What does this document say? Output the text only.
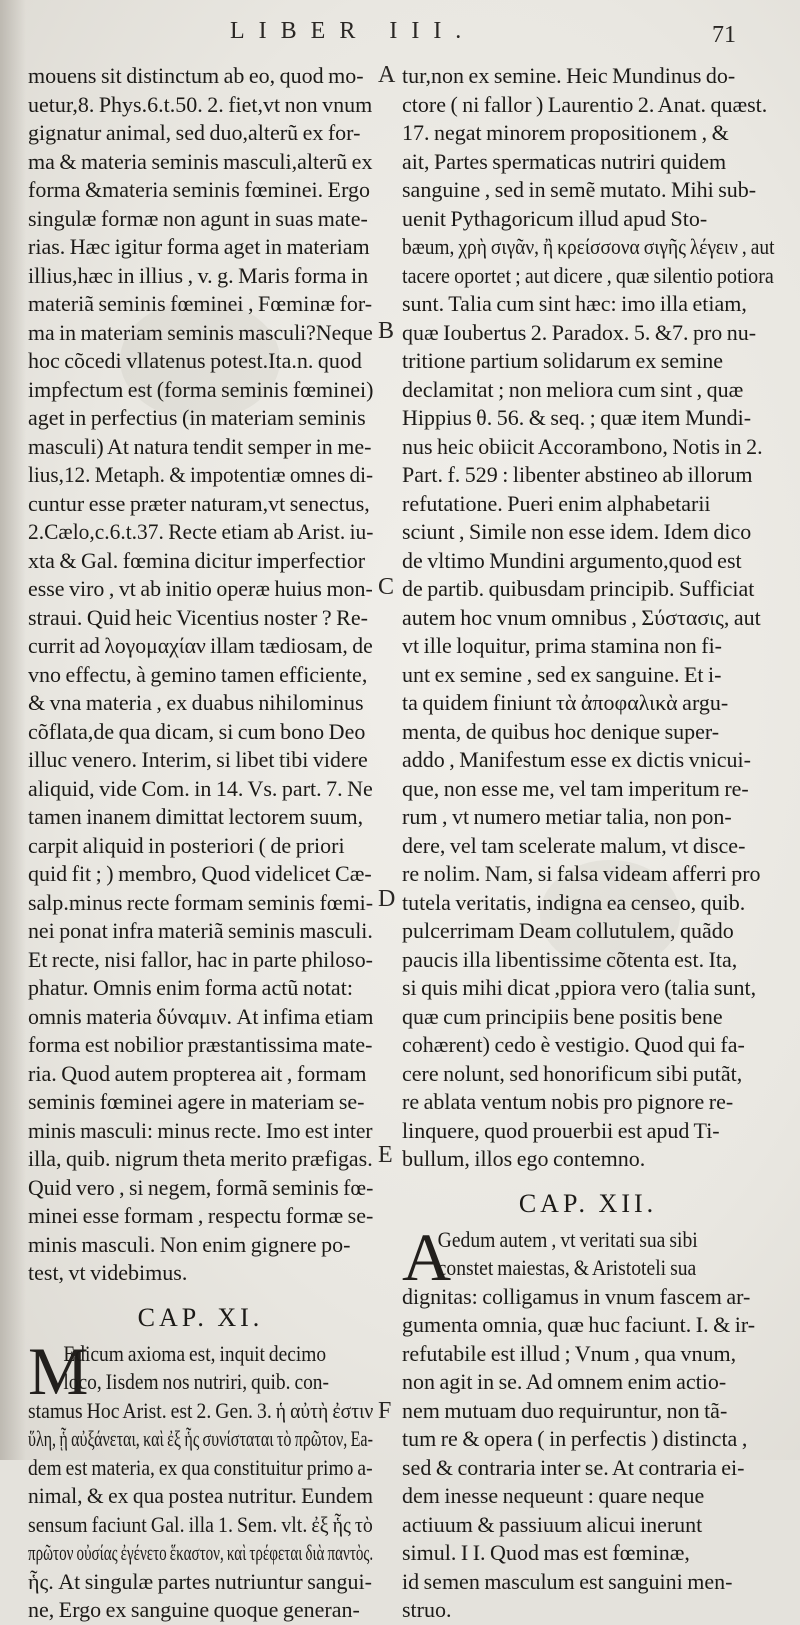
LIBER III.	71
A
B
C
D
E
F
mouens sit distinctum ab eo, quod mo-
uetur,8. Phys.6.t.50. 2. fiet,vt non vnum
gignatur animal, sed duo,alterũ ex for-
ma & materia seminis masculi,alterũ ex
forma &materia seminis fœminei. Ergo
singulæ formæ non agunt in suas mate-
rias. Hæc igitur forma aget in materiam
illius,hæc in illius , v. g. Maris forma in
materiã seminis fœminei , Fœminæ for-
ma in materiam seminis masculi?Neque
hoc cõcedi vllatenus potest.Ita.n. quod
impfectum est (forma seminis fœminei)
aget in perfectius (in materiam seminis
masculi) At natura tendit semper in me-
lius,12. Metaph. & impotentiæ omnes di-
cuntur esse præter naturam,vt senectus,
2.Cælo,c.6.t.37. Recte etiam ab Arist. iu-
xta & Gal. fœmina dicitur imperfectior
esse viro , vt ab initio operæ huius mon-
straui. Quid heic Vicentius noster ? Re-
currit ad λογομαχίαν illam tædiosam, de
vno effectu, à gemino tamen efficiente,
& vna materia , ex duabus nihilominus
cõflata,de qua dicam, si cum bono Deo
illuc venero. Interim, si libet tibi videre
aliquid, vide Com. in 14. Vs. part. 7. Ne
tamen inanem dimittat lectorem suum,
carpit aliquid in posteriori ( de priori
quid fit ; ) membro, Quod videlicet Cæ-
salp.minus recte formam seminis fœmi-
nei ponat infra materiã seminis masculi.
Et recte, nisi fallor, hac in parte philoso-
phatur. Omnis enim forma actũ notat:
omnis materia δύναμιν. At infima etiam
forma est nobilior præstantissima mate-
ria. Quod autem propterea ait , formam
seminis fœminei agere in materiam se-
minis masculi: minus recte. Imo est inter
illa, quib. nigrum theta merito præfigas.
Quid vero , si negem, formã seminis fœ-
minei esse formam , respectu formæ se-
minis masculi. Non enim gignere po-
test, vt videbimus.
CAP. XI.
M
Edicum axioma est, inquit decimo
loco, Iisdem nos nutriri, quib. con-
stamus Hoc Arist. est 2. Gen. 3. ἡ αὐτὴ ἐστιν
ὕλη, ᾗ αὐξάνεται, καὶ ἐξ ἧς συνίσταται τὸ πρῶτον, Ea-
dem est materia, ex qua constituitur primo a-
nimal, & ex qua postea nutritur. Eundem
sensum faciunt Gal. illa 1. Sem. vlt. ἐξ ἧς τὸ
πρῶτον οὐσίας ἐγένετο ἕκαστον, καὶ τρέφεται διὰ παντὸς.
ἧς. At singulæ partes nutriuntur sangui-
ne, Ergo ex sanguine quoque generan-
tur,non ex semine. Heic Mundinus do-
ctore ( ni fallor ) Laurentio 2. Anat. quæst.
17. negat minorem propositionem , &
ait, Partes spermaticas nutriri quidem
sanguine , sed in semẽ mutato. Mihi sub-
uenit Pythagoricum illud apud Sto-
bæum, χρὴ σιγᾶν, ἢ κρείσσονα σιγῆς λέγειν , aut
tacere oportet ; aut dicere , quæ silentio potiora
sunt. Talia cum sint hæc: imo illa etiam,
quæ Ioubertus 2. Paradox. 5. &7. pro nu-
tritione partium solidarum ex semine
declamitat ; non meliora cum sint , quæ
Hippius θ. 56. & seq. ; quæ item Mundi-
nus heic obiicit Accorambono, Notis in 2.
Part. f. 529 : libenter abstineo ab illorum
refutatione. Pueri enim alphabetarii
sciunt , Simile non esse idem. Idem dico
de vltimo Mundini argumento,quod est
de partib. quibusdam principib. Sufficiat
autem hoc vnum omnibus , Σύστασις, aut
vt ille loquitur, prima stamina non fi-
unt ex semine , sed ex sanguine. Et i-
ta quidem finiunt τὰ ἀποφαλικὰ argu-
menta, de quibus hoc denique super-
addo , Manifestum esse ex dictis vnicui-
que, non esse me, vel tam imperitum re-
rum , vt numero metiar talia, non pon-
dere, vel tam scelerate malum, vt disce-
re nolim. Nam, si falsa videam afferri pro
tutela veritatis, indigna ea censeo, quib.
pulcerrimam Deam collutulem, quãdo
paucis illa libentissime cõtenta est. Ita,
si quis mihi dicat ,ppiora vero (talia sunt,
quæ cum principiis bene positis bene
cohærent) cedo è vestigio. Quod qui fa-
cere nolunt, sed honorificum sibi putãt,
re ablata ventum nobis pro pignore re-
linquere, quod prouerbii est apud Ti-
bullum, illos ego contemno.
CAP. XII.
A
Gedum autem , vt veritati sua sibi
constet maiestas, & Aristoteli sua
dignitas: colligamus in vnum fascem ar-
gumenta omnia, quæ huc faciunt. I. & ir-
refutabile est illud ; Vnum , qua vnum,
non agit in se. Ad omnem enim actio-
nem mutuam duo requiruntur, non tã-
tum re & opera ( in perfectis ) distincta ,
sed & contraria inter se. At contraria ei-
dem inesse nequeunt : quare neque
actiuum & passiuum alicui inerunt
simul. I I. Quod mas est fœminæ,
id semen masculum est sanguini men-
struo.
